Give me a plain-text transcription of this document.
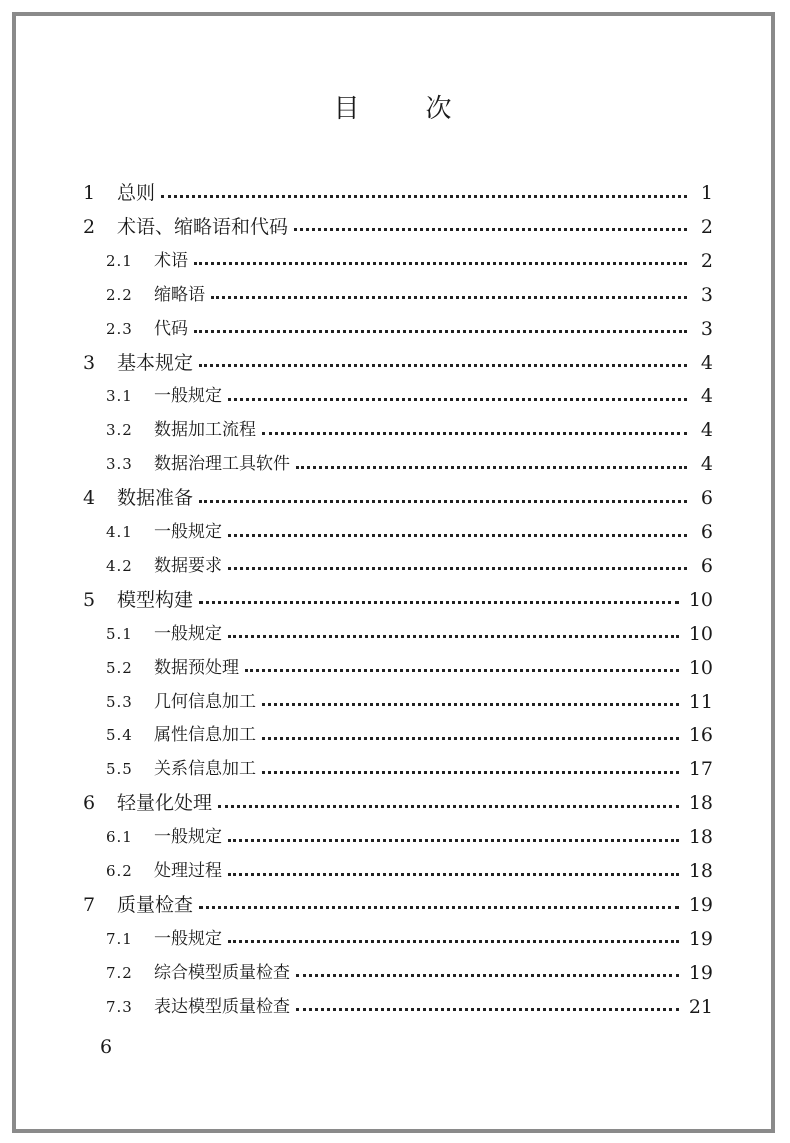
目 次
1	总则	1
2	术语、缩略语和代码	2
2.1	术语	2
2.2	缩略语	3
2.3	代码	3
3	基本规定	4
3.1	一般规定	4
3.2	数据加工流程	4
3.3	数据治理工具软件	4
4	数据准备	6
4.1	一般规定	6
4.2	数据要求	6
5	模型构建	10
5.1	一般规定	10
5.2	数据预处理	10
5.3	几何信息加工	11
5.4	属性信息加工	16
5.5	关系信息加工	17
6	轻量化处理	18
6.1	一般规定	18
6.2	处理过程	18
7	质量检查	19
7.1	一般规定	19
7.2	综合模型质量检查	19
7.3	表达模型质量检查	21
6
